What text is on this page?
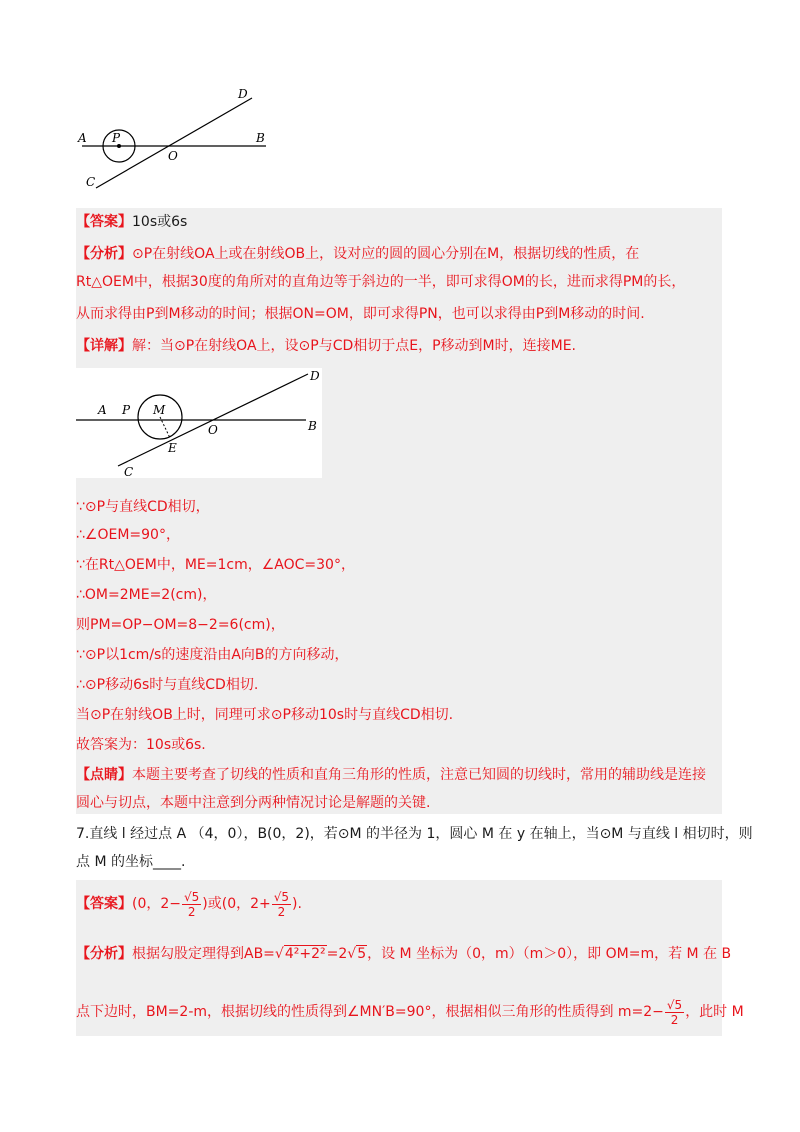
A P
O
B
C
D
【答案】10s或6s
【分析】⊙P在射线OA上或在射线OB上，设对应的圆的圆心分别在M，根据切线的性质，在
Rt△OEM中，根据30度的角所对的直角边等于斜边的一半，即可求得OM的长，进而求得PM的长，
从而求得由P到M移动的时间；根据ON=OM，即可求得PN，也可以求得由P到M移动的时间.
【详解】解：当⊙P在射线OA上，设⊙P与CD相切于点E，P移动到M时，连接ME.
A P M
E
O	B
C
D
∵⊙P与直线CD相切，
∴∠OEM=90°，
∵在Rt△OEM中，ME=1cm，∠AOC=30°，
∴OM=2ME=2(cm)，
则PM=OP−OM=8−2=6(cm)，
∵⊙P以1cm/s的速度沿由A向B的方向移动，
∴⊙P移动6s时与直线CD相切.
当⊙P在射线OB上时，同理可求⊙P移动10s时与直线CD相切.
故答案为：10s或6s.
【点睛】本题主要考查了切线的性质和直角三角形的性质，注意已知圆的切线时，常用的辅助线是连接
圆心与切点，本题中注意到分两种情况讨论是解题的关键.
7.直线 l 经过点 A （4，0），B(0，2)，若⊙M 的半径为 1，圆心 M 在 y 在轴上，当⊙M 与直线 l 相切时，则
点 M 的坐标____.
【答案】(0，$2- \frac{√5}{2}$ )或(0，$2+ \frac{√5}{2}$ ).
【分析】根据勾股定理得到AB=√4²+2²=2√5，设 M 坐标为（0，m）（m＞0），即 OM=m，若 M 在 B
点下边时，BM=2-m，根据切线的性质得到∠MN′B=90°，根据相似三角形的性质得到 $m=2- \frac{√5}{2}$ ，此时 M
